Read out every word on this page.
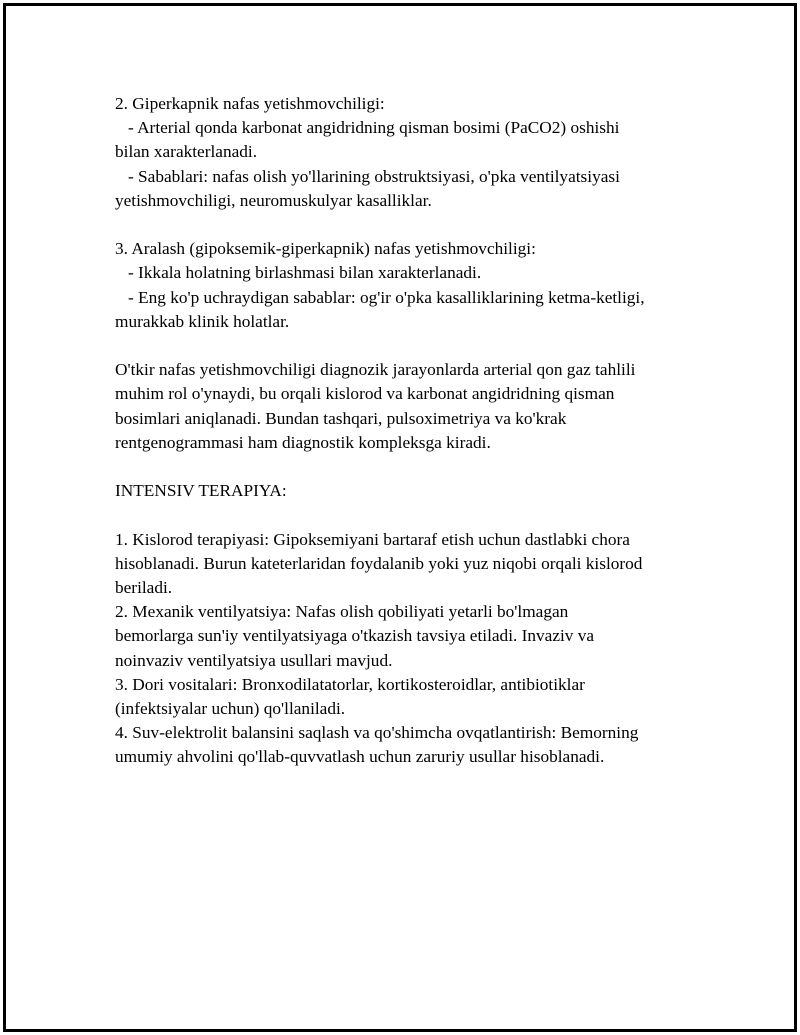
2. Giperkapnik nafas yetishmovchiligi:
- Arterial qonda karbonat angidridning qisman bosimi (PaCO2) oshishi
bilan xarakterlanadi.
- Sabablari: nafas olish yo'llarining obstruktsiyasi, o'pka ventilyatsiyasi
yetishmovchiligi, neuromuskulyar kasalliklar.
3. Aralash (gipoksemik-giperkapnik) nafas yetishmovchiligi:
- Ikkala holatning birlashmasi bilan xarakterlanadi.
- Eng ko'p uchraydigan sabablar: og'ir o'pka kasalliklarining ketma-ketligi,
murakkab klinik holatlar.
O'tkir nafas yetishmovchiligi diagnozik jarayonlarda arterial qon gaz tahlili
muhim rol o'ynaydi, bu orqali kislorod va karbonat angidridning qisman
bosimlari aniqlanadi. Bundan tashqari, pulsoximetriya va ko'krak
rentgenogrammasi ham diagnostik kompleksga kiradi.
INTENSIV TERAPIYA:
1. Kislorod terapiyasi: Gipoksemiyani bartaraf etish uchun dastlabki chora
hisoblanadi. Burun kateterlaridan foydalanib yoki yuz niqobi orqali kislorod
beriladi.
2. Mexanik ventilyatsiya: Nafas olish qobiliyati yetarli bo'lmagan
bemorlarga sun'iy ventilyatsiyaga o'tkazish tavsiya etiladi. Invaziv va
noinvaziv ventilyatsiya usullari mavjud.
3. Dori vositalari: Bronxodilatatorlar, kortikosteroidlar, antibiotiklar
(infektsiyalar uchun) qo'llaniladi.
4. Suv-elektrolit balansini saqlash va qo'shimcha ovqatlantirish: Bemorning
umumiy ahvolini qo'llab-quvvatlash uchun zaruriy usullar hisoblanadi.
